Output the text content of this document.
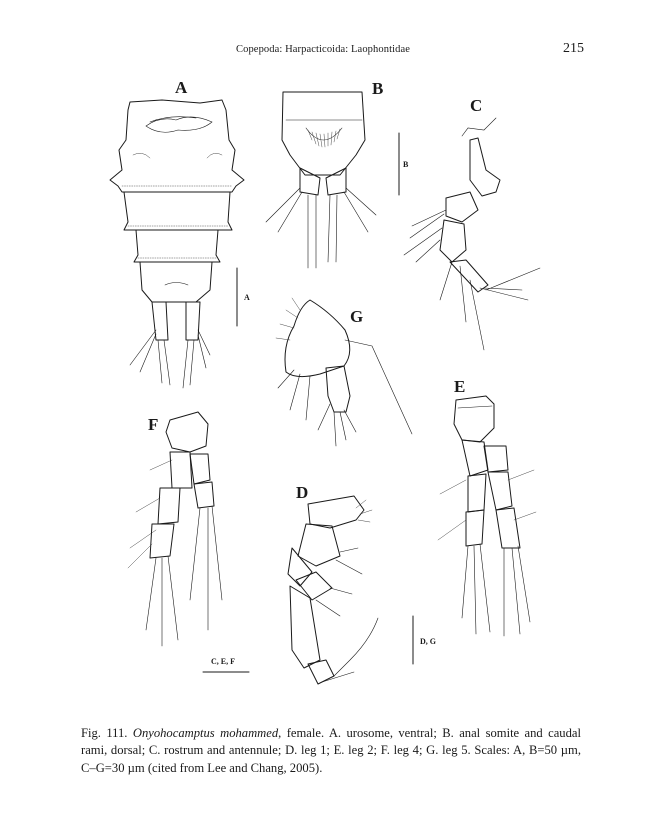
Copepoda: Harpacticoida: Laophontidae	215
A
A
B
B
C
G
E
F
C, E, F
D
D, G

Fig. 111. Onyohocamptus mohammed, female. A. urosome, ventral; B. anal somite and caudal rami, dorsal; C. rostrum and antennule; D. leg 1; E. leg 2; F. leg 4; G. leg 5. Scales: A, B=50 µm, C–G=30 µm (cited from Lee and Chang, 2005).
